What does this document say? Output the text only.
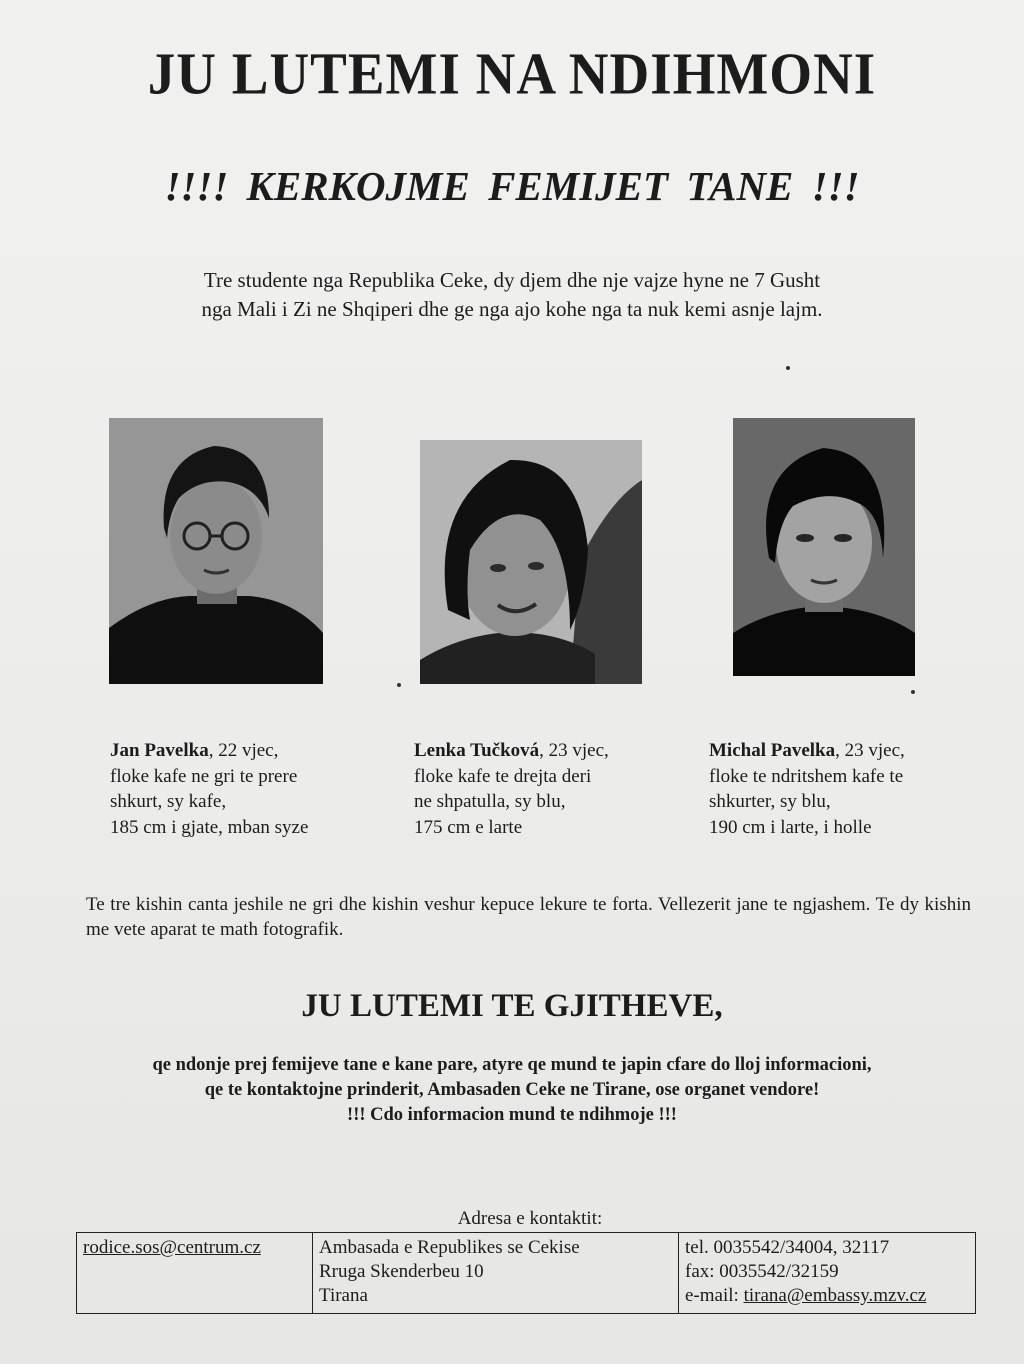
JU LUTEMI NA NDIHMONI
!!!! KERKOJME FEMIJET TANE !!!
Tre studente nga Republika Ceke, dy djem dhe nje vajze hyne ne 7 Gusht
nga Mali i Zi ne Shqiperi dhe ge nga ajo kohe nga ta nuk kemi asnje lajm.
Jan Pavelka, 22 vjec,
floke kafe ne gri te prere
shkurt, sy kafe,
185 cm i gjate, mban syze
Lenka Tučková, 23 vjec,
floke kafe te drejta deri
ne shpatulla, sy blu,
175 cm e larte
Michal Pavelka, 23 vjec,
floke te ndritshem kafe te
shkurter, sy blu,
190 cm i larte, i holle
Te tre kishin canta jeshile ne gri dhe kishin veshur kepuce lekure te forta. Vellezerit jane te ngjashem. Te dy kishin me vete aparat te math fotografik.
JU LUTEMI TE GJITHEVE,
qe ndonje prej femijeve tane e kane pare, atyre qe mund te japin cfare do lloj informacioni,
qe te kontaktojne prinderit, Ambasaden Ceke ne Tirane, ose organet vendore!
!!! Cdo informacion mund te ndihmoje !!!
Adresa e kontaktit:
rodice.sos@centrum.cz	Ambasada e Republikes se Cekise
Rruga Skenderbeu 10
Tirana
tel. 0035542/34004, 32117
fax: 0035542/32159
e-mail: tirana@embassy.mzv.cz
